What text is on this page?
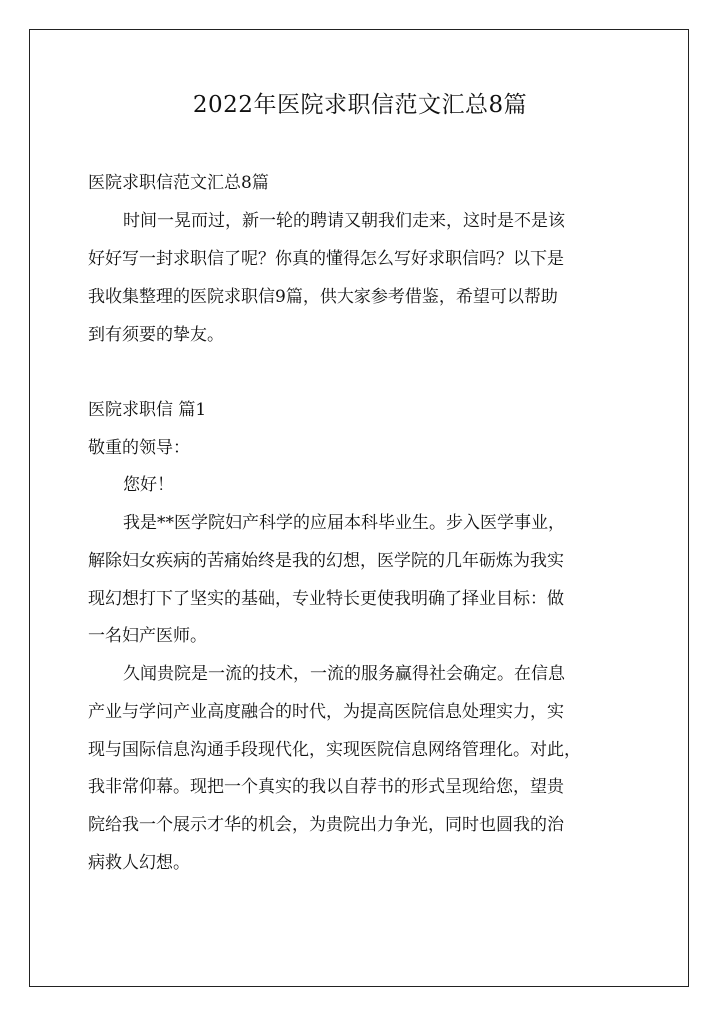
2022年医院求职信范文汇总8篇
医院求职信范文汇总8篇
时间一晃而过，新一轮的聘请又朝我们走来，这时是不是该
好好写一封求职信了呢？你真的懂得怎么写好求职信吗？以下是
我收集整理的医院求职信9篇，供大家参考借鉴，希望可以帮助
到有须要的挚友。
医院求职信 篇1
敬重的领导：
您好！
我是**医学院妇产科学的应届本科毕业生。步入医学事业，
解除妇女疾病的苦痛始终是我的幻想，医学院的几年砺炼为我实
现幻想打下了坚实的基础，专业特长更使我明确了择业目标：做
一名妇产医师。
久闻贵院是一流的技术，一流的服务赢得社会确定。在信息
产业与学问产业高度融合的时代，为提高医院信息处理实力，实
现与国际信息沟通手段现代化，实现医院信息网络管理化。对此，
我非常仰幕。现把一个真实的我以自荐书的形式呈现给您，望贵
院给我一个展示才华的机会，为贵院出力争光，同时也圆我的治
病救人幻想。
